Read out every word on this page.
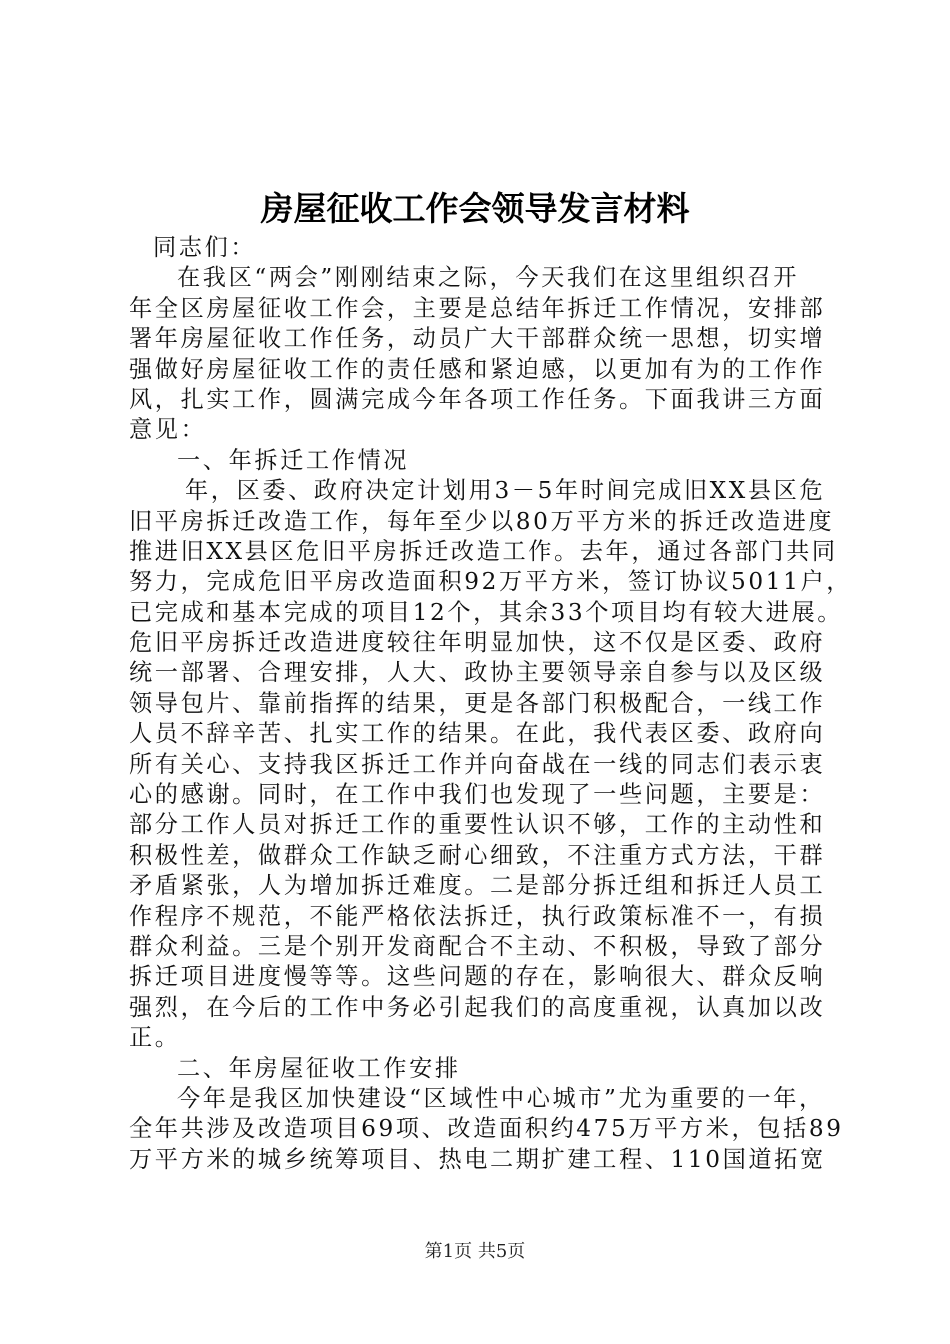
房屋征收工作会领导发言材料
同志们：
在我区“两会”刚刚结束之际，今天我们在这里组织召开
年全区房屋征收工作会，主要是总结年拆迁工作情况，安排部
署年房屋征收工作任务，动员广大干部群众统一思想，切实增
强做好房屋征收工作的责任感和紧迫感，以更加有为的工作作
风，扎实工作，圆满完成今年各项工作任务。下面我讲三方面
意见：
一、年拆迁工作情况
年，区委、政府决定计划用3－5年时间完成旧XX县区危
旧平房拆迁改造工作，每年至少以80万平方米的拆迁改造进度
推进旧XX县区危旧平房拆迁改造工作。去年，通过各部门共同
努力，完成危旧平房改造面积92万平方米，签订协议5011户，
已完成和基本完成的项目12个，其余33个项目均有较大进展。
危旧平房拆迁改造进度较往年明显加快，这不仅是区委、政府
统一部署、合理安排，人大、政协主要领导亲自参与以及区级
领导包片、靠前指挥的结果，更是各部门积极配合，一线工作
人员不辞辛苦、扎实工作的结果。在此，我代表区委、政府向
所有关心、支持我区拆迁工作并向奋战在一线的同志们表示衷
心的感谢。同时，在工作中我们也发现了一些问题，主要是：
部分工作人员对拆迁工作的重要性认识不够，工作的主动性和
积极性差，做群众工作缺乏耐心细致，不注重方式方法，干群
矛盾紧张，人为增加拆迁难度。二是部分拆迁组和拆迁人员工
作程序不规范，不能严格依法拆迁，执行政策标准不一，有损
群众利益。三是个别开发商配合不主动、不积极，导致了部分
拆迁项目进度慢等等。这些问题的存在，影响很大、群众反响
强烈，在今后的工作中务必引起我们的高度重视，认真加以改
正。
二、年房屋征收工作安排
今年是我区加快建设“区域性中心城市”尤为重要的一年，
全年共涉及改造项目69项、改造面积约475万平方米，包括89
万平方米的城乡统筹项目、热电二期扩建工程、110国道拓宽
第1页 共5页
